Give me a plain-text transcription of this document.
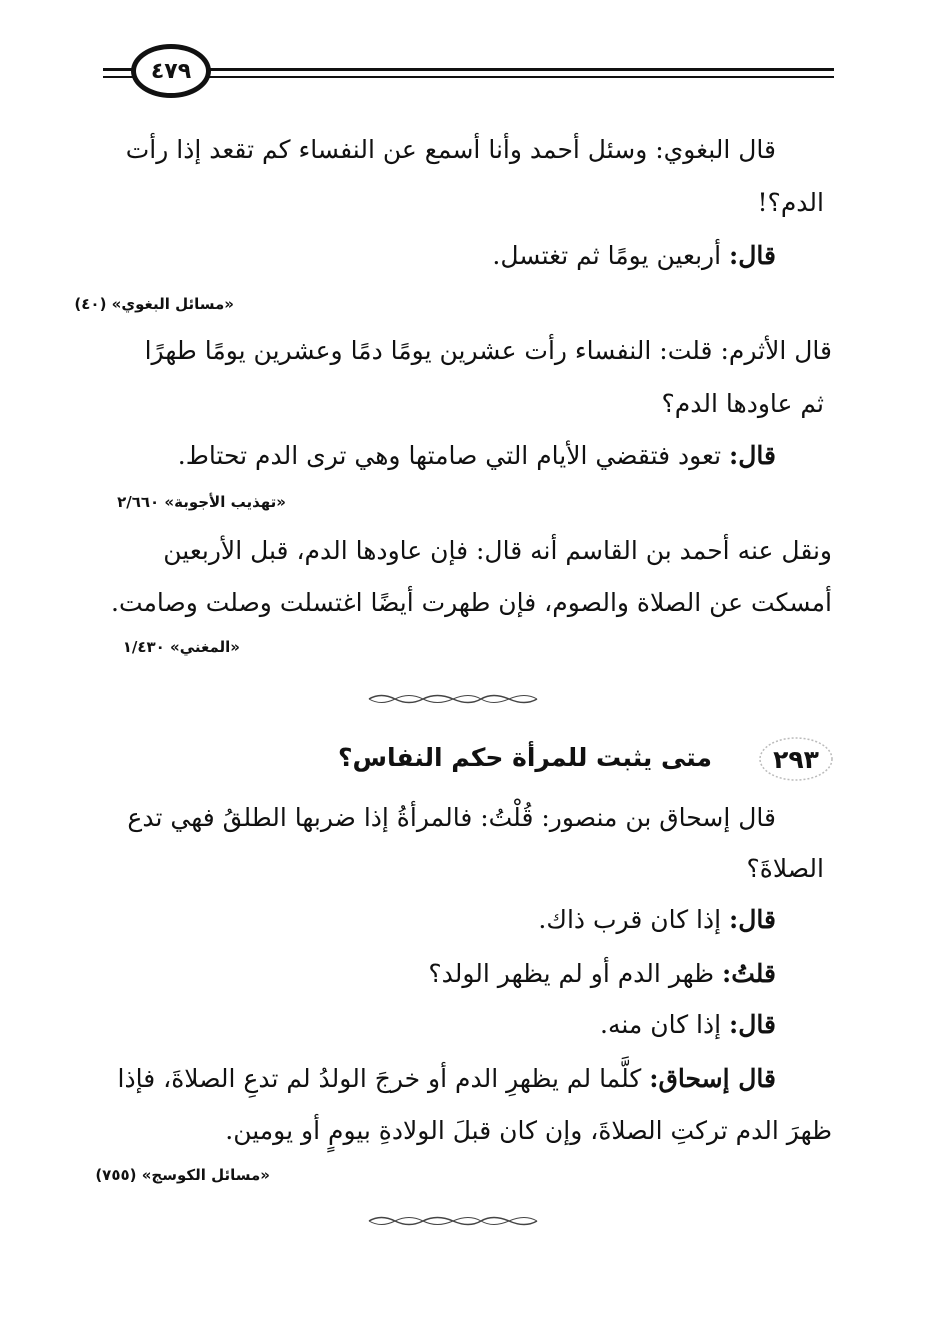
٤٧٩
قال البغوي: وسئل أحمد وأنا أسمع عن النفساء كم تقعد إذا رأت
الدم؟!
قال: أربعين يومًا ثم تغتسل.
«مسائل البغوي» (٤٠)
قال الأثرم: قلت: النفساء رأت عشرين يومًا دمًا وعشرين يومًا طهرًا
ثم عاودها الدم؟
قال: تعود فتقضي الأيام التي صامتها وهي ترى الدم تحتاط.
«تهذيب الأجوبة» ٢/٦٦٠
ونقل عنه أحمد بن القاسم أنه قال: فإن عاودها الدم، قبل الأربعين
أمسكت عن الصلاة والصوم، فإن طهرت أيضًا اغتسلت وصلت وصامت.
«المغني» ١/٤٣٠
٢٩٣
متى يثبت للمرأة حكم النفاس؟
قال إسحاق بن منصور: قُلْتُ: فالمرأةُ إذا ضربها الطلقُ فهي تدع
الصلاةَ؟
قال: إذا كان قرب ذاك.
قلتُ: ظهر الدم أو لم يظهر الولد؟
قال: إذا كان منه.
قال إسحاق: كلَّما لم يظهرِ الدم أو خرجَ الولدُ لم تدعِ الصلاةَ، فإذا
ظهرَ الدم تركتِ الصلاةَ، وإن كان قبلَ الولادةِ بيومٍ أو يومين.
«مسائل الكوسج» (٧٥٥)
